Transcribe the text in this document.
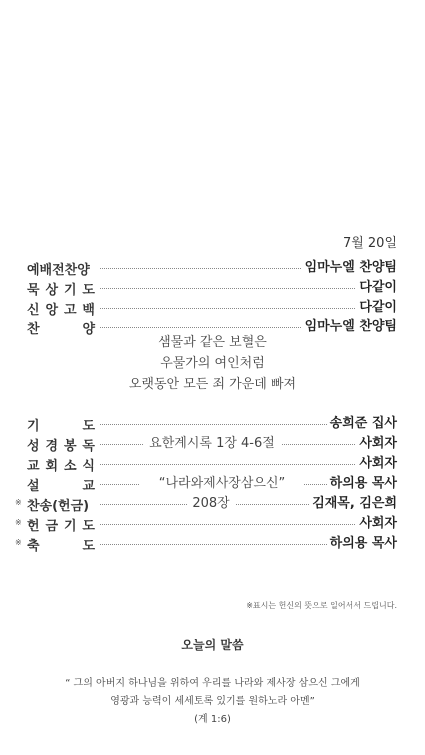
7월 20일
예배전찬양	임마누엘 찬양팀
묵 상 기 도	다같이
신 앙 고 백	다같이
찬	양	임마누엘 찬양팀
샘물과 같은 보혈은
우물가의 여인처럼
오랫동안 모든 죄 가운데 빠져
기	도	송희준 집사
성 경 봉 독	요한계시록 1장 4-6절	사회자
교 회 소 식	사회자
설	교	“나라와제사장삼으신”	하의용 목사
※ 찬송(헌금)	208장	김재목, 김은희
※ 헌 금 기 도	사회자
※ 축	도	하의용 목사
※표시는 헌신의 뜻으로 일어서서 드립니다.
오늘의 말씀
“ 그의 아버지 하나님을 위하여 우리를 나라와 제사장 삼으신 그에게
영광과 능력이 세세토록 있기를 원하노라 아멘”
(계 1:6)
